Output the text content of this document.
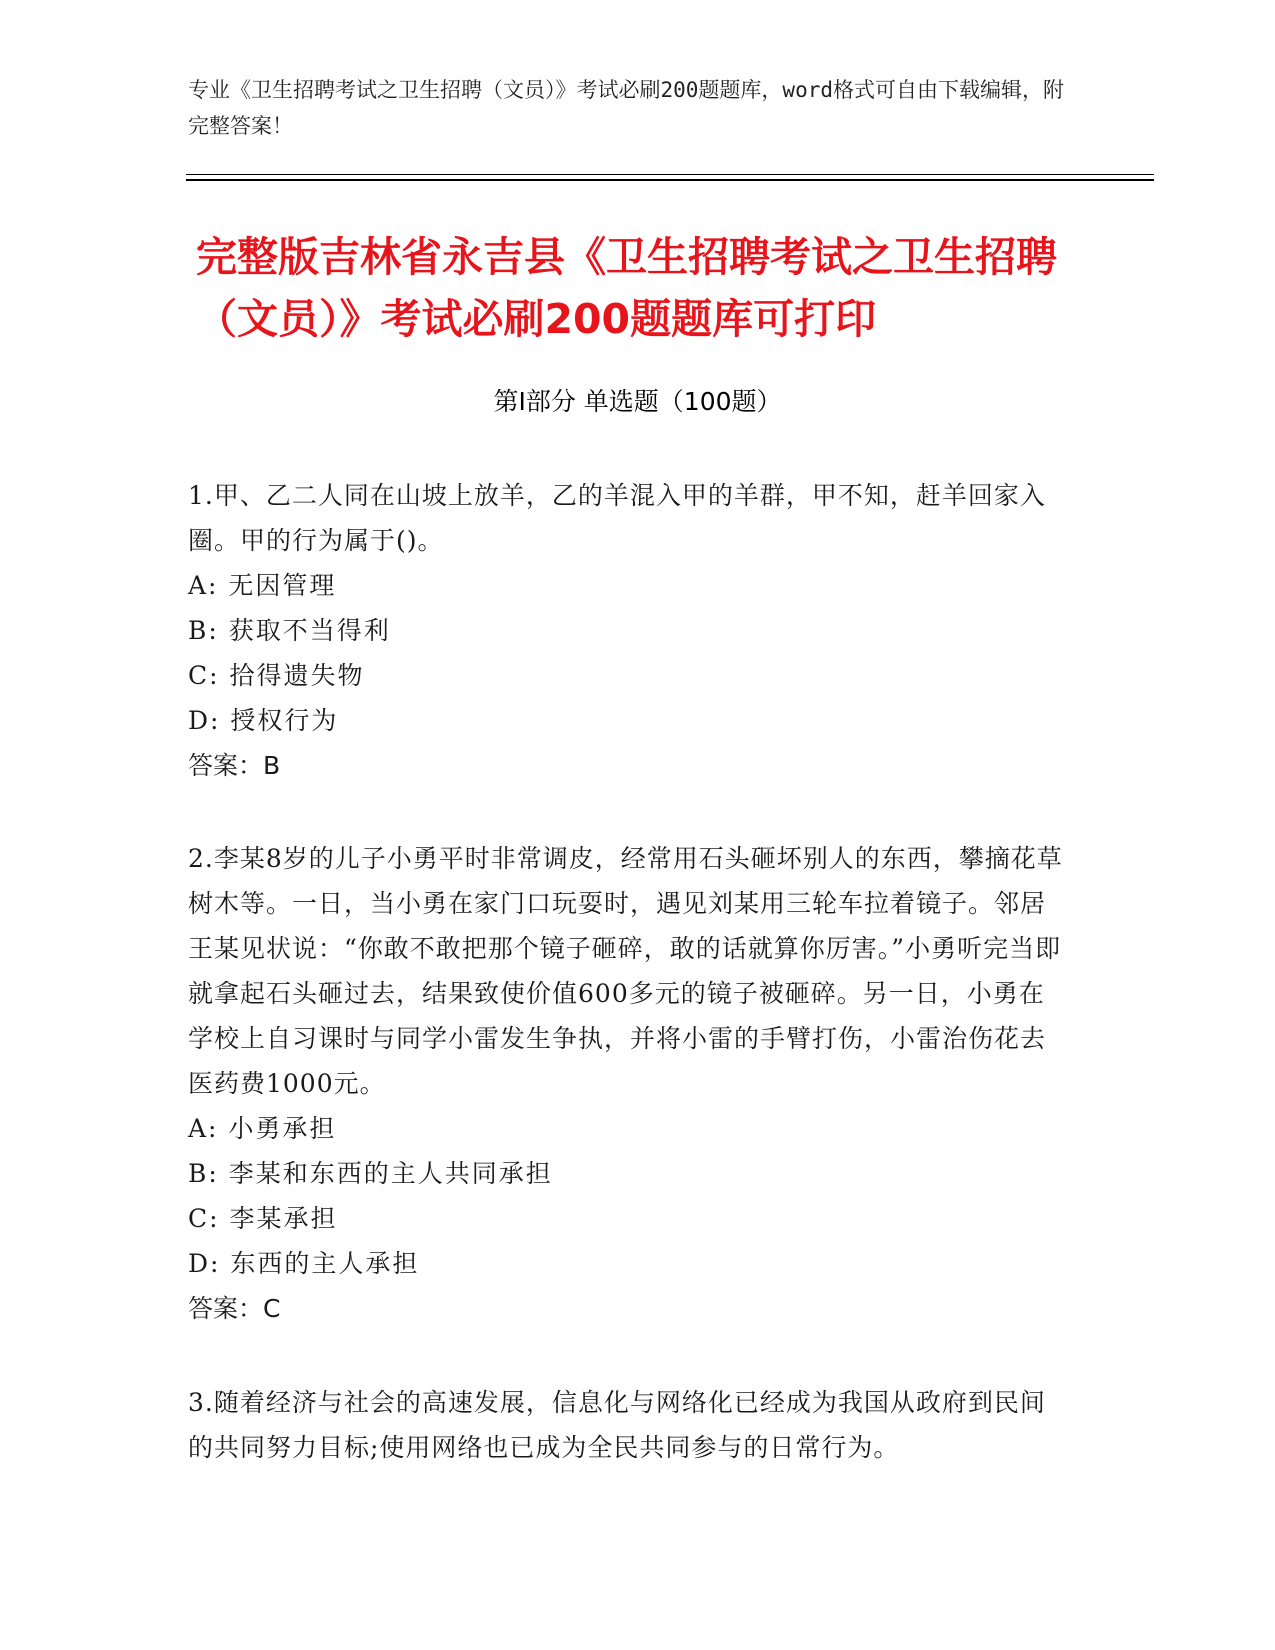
专业《卫生招聘考试之卫生招聘（文员）》考试必刷200题题库，word格式可自由下载编辑，附完整答案！
完整版吉林省永吉县《卫生招聘考试之卫生招聘（文员）》考试必刷200题题库可打印
第Ⅰ部分 单选题（100题）
1.甲、乙二人同在山坡上放羊，乙的羊混入甲的羊群，甲不知，赶羊回家入圈。甲的行为属于()。
A: 无因管理
B: 获取不当得利
C: 拾得遗失物
D: 授权行为
答案：B
2.李某8岁的儿子小勇平时非常调皮，经常用石头砸坏别人的东西，攀摘花草树木等。一日，当小勇在家门口玩耍时，遇见刘某用三轮车拉着镜子。邻居王某见状说：“你敢不敢把那个镜子砸碎，敢的话就算你厉害。”小勇听完当即就拿起石头砸过去，结果致使价值600多元的镜子被砸碎。另一日，小勇在学校上自习课时与同学小雷发生争执，并将小雷的手臂打伤，小雷治伤花去医药费1000元。
A: 小勇承担
B: 李某和东西的主人共同承担
C: 李某承担
D: 东西的主人承担
答案：C
3.随着经济与社会的高速发展，信息化与网络化已经成为我国从政府到民间的共同努力目标;使用网络也已成为全民共同参与的日常行为。
